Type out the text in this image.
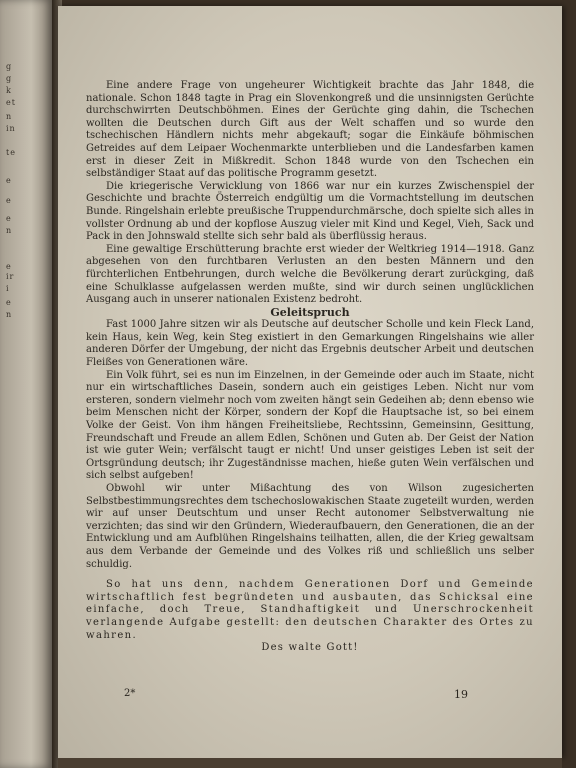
g
g
k
et
n
in
te
e
e
e
n
e
ir
i
e
n

Eine andere Frage von ungeheurer Wichtigkeit brachte das Jahr 1848, die nationale. Schon 1848 tagte in Prag ein Slovenkongreß und die unsinnigsten Gerüchte durchschwirrten Deutschböhmen. Eines der Gerüchte ging dahin, die Tschechen wollten die Deutschen durch Gift aus der Welt schaffen und so wurde den tschechischen Händlern nichts mehr abgekauft; sogar die Einkäufe böhmischen Getreides auf dem Leipaer Wochenmarkte unterblieben und die Landesfarben kamen erst in dieser Zeit in Mißkredit. Schon 1848 wurde von den Tschechen ein selbständiger Staat auf das politische Programm gesetzt.

Die kriegerische Verwicklung von 1866 war nur ein kurzes Zwischenspiel der Geschichte und brachte Österreich endgültig um die Vormachtstellung im deutschen Bunde. Ringelshain erlebte preußische Truppendurchmärsche, doch spielte sich alles in vollster Ordnung ab und der kopflose Auszug vieler mit Kind und Kegel, Vieh, Sack und Pack in den Johnswald stellte sich sehr bald als überflüssig heraus.

Eine gewaltige Erschütterung brachte erst wieder der Weltkrieg 1914—1918. Ganz abgesehen von den furchtbaren Verlusten an den besten Männern und den fürchterlichen Entbehrungen, durch welche die Bevölkerung derart zurückging, daß eine Schulklasse aufgelassen werden mußte, sind wir durch seinen unglücklichen Ausgang auch in unserer nationalen Existenz bedroht.

Geleitspruch

Fast 1000 Jahre sitzen wir als Deutsche auf deutscher Scholle und kein Fleck Land, kein Haus, kein Weg, kein Steg existiert in den Gemarkungen Ringelshains wie aller anderen Dörfer der Umgebung, der nicht das Ergebnis deutscher Arbeit und deutschen Fleißes von Generationen wäre.

Ein Volk führt, sei es nun im Einzelnen, in der Gemeinde oder auch im Staate, nicht nur ein wirtschaftliches Dasein, sondern auch ein geistiges Leben. Nicht nur vom ersteren, sondern vielmehr noch vom zweiten hängt sein Gedeihen ab; denn ebenso wie beim Menschen nicht der Körper, sondern der Kopf die Hauptsache ist, so bei einem Volke der Geist. Von ihm hängen Freiheitsliebe, Rechtssinn, Gemeinsinn, Gesittung, Freundschaft und Freude an allem Edlen, Schönen und Guten ab. Der Geist der Nation ist wie guter Wein; verfälscht taugt er nicht! Und unser geistiges Leben ist seit der Ortsgründung deutsch; ihr Zugeständnisse machen, hieße guten Wein verfälschen und sich selbst aufgeben!

Obwohl wir unter Mißachtung des von Wilson zugesicherten Selbstbestimmungsrechtes dem tschechoslowakischen Staate zugeteilt wurden, werden wir auf unser Deutschtum und unser Recht autonomer Selbstverwaltung nie verzichten; das sind wir den Gründern, Wiederaufbauern, den Generationen, die an der Entwicklung und am Aufblühen Ringelshains teilhatten, allen, die der Krieg gewaltsam aus dem Verbande der Gemeinde und des Volkes riß und schließlich uns selber schuldig.

So hat uns denn, nachdem Generationen Dorf und Gemeinde wirtschaftlich fest begründeten und ausbauten, das Schicksal eine einfache, doch Treue, Standhaftigkeit und Unerschrockenheit verlangende Aufgabe gestellt: den deutschen Charakter des Ortes zu wahren.

Des walte Gott!

2*	19
